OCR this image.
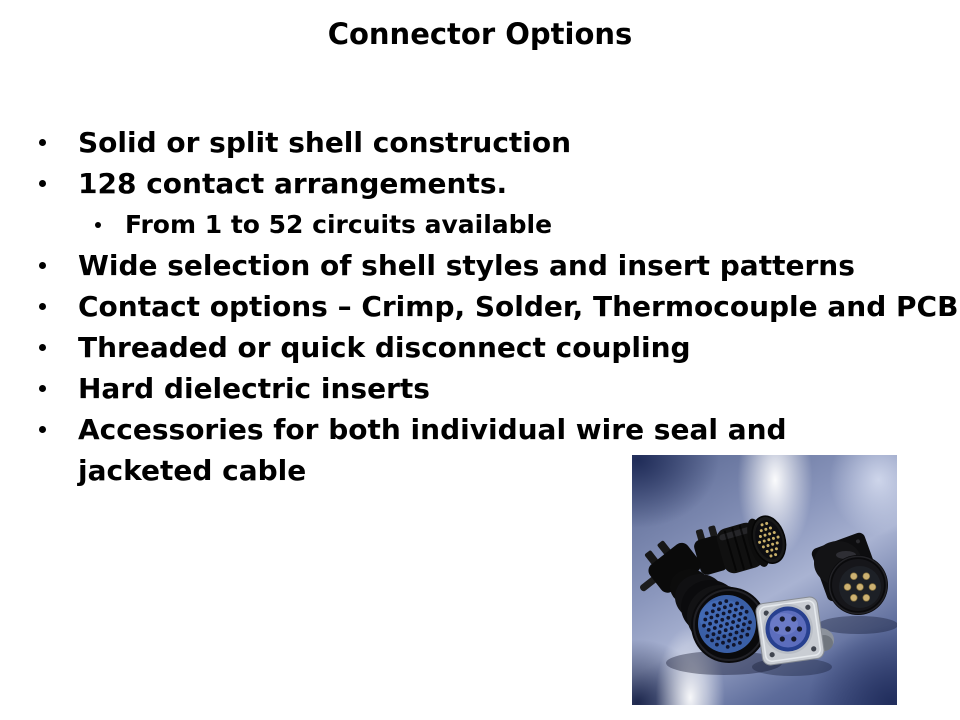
Connector Options
Solid or split shell construction
128 contact arrangements.
From 1 to 52 circuits available
Wide selection of shell styles and insert patterns
Contact options – Crimp, Solder, Thermocouple and PCB
Threaded or quick disconnect coupling
Hard dielectric inserts
Accessories for both individual wire seal and jacketed cable
